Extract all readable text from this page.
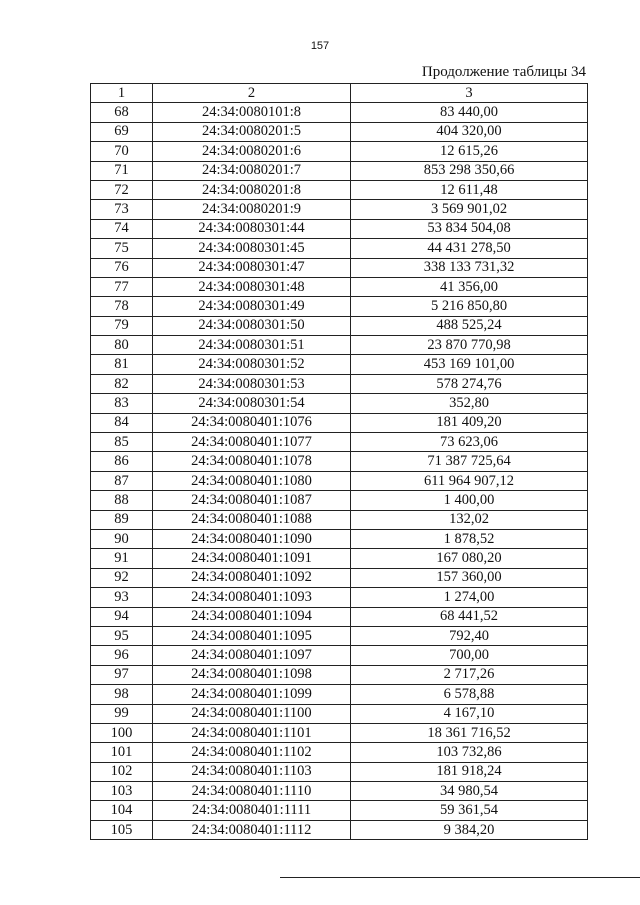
157
Продолжение таблицы 34
1	2	3
68	24:34:0080101:8	83 440,00
69	24:34:0080201:5	404 320,00
70	24:34:0080201:6	12 615,26
71	24:34:0080201:7	853 298 350,66
72	24:34:0080201:8	12 611,48
73	24:34:0080201:9	3 569 901,02
74	24:34:0080301:44	53 834 504,08
75	24:34:0080301:45	44 431 278,50
76	24:34:0080301:47	338 133 731,32
77	24:34:0080301:48	41 356,00
78	24:34:0080301:49	5 216 850,80
79	24:34:0080301:50	488 525,24
80	24:34:0080301:51	23 870 770,98
81	24:34:0080301:52	453 169 101,00
82	24:34:0080301:53	578 274,76
83	24:34:0080301:54	352,80
84	24:34:0080401:1076	181 409,20
85	24:34:0080401:1077	73 623,06
86	24:34:0080401:1078	71 387 725,64
87	24:34:0080401:1080	611 964 907,12
88	24:34:0080401:1087	1 400,00
89	24:34:0080401:1088	132,02
90	24:34:0080401:1090	1 878,52
91	24:34:0080401:1091	167 080,20
92	24:34:0080401:1092	157 360,00
93	24:34:0080401:1093	1 274,00
94	24:34:0080401:1094	68 441,52
95	24:34:0080401:1095	792,40
96	24:34:0080401:1097	700,00
97	24:34:0080401:1098	2 717,26
98	24:34:0080401:1099	6 578,88
99	24:34:0080401:1100	4 167,10
100	24:34:0080401:1101	18 361 716,52
101	24:34:0080401:1102	103 732,86
102	24:34:0080401:1103	181 918,24
103	24:34:0080401:1110	34 980,54
104	24:34:0080401:1111	59 361,54
105	24:34:0080401:1112	9 384,20
